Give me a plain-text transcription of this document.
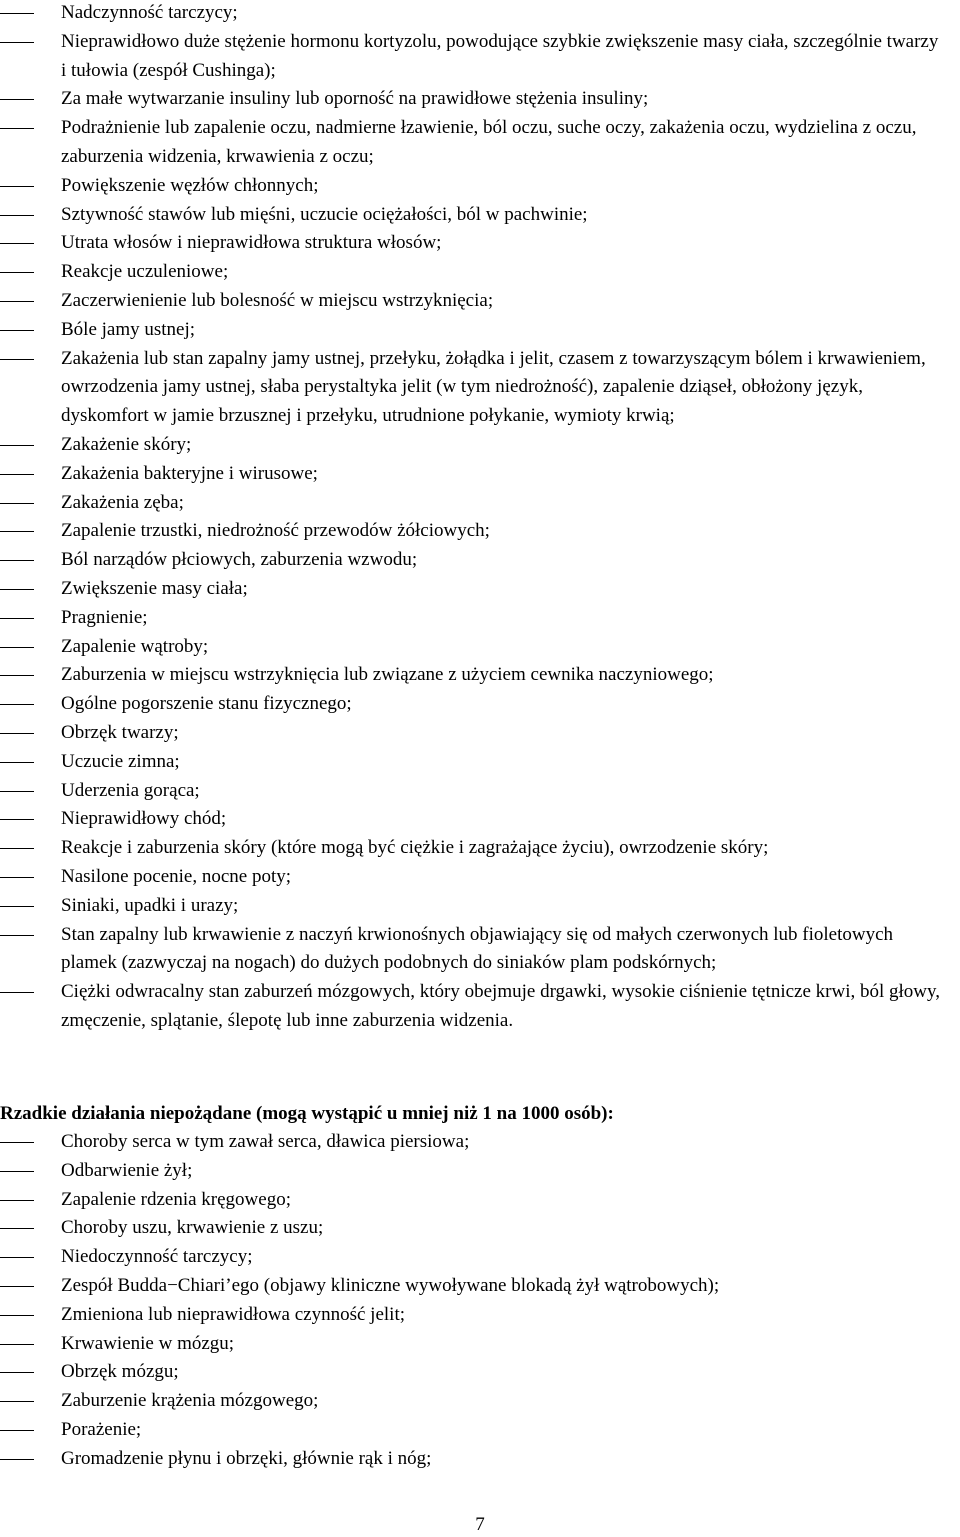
Nadczynność tarczycy;
Nieprawidłowo duże stężenie hormonu kortyzolu, powodujące szybkie zwiększenie masy ciała, szczególnie twarzy i tułowia (zespół Cushinga);
Za małe wytwarzanie insuliny lub oporność na prawidłowe stężenia insuliny;
Podrażnienie lub zapalenie oczu, nadmierne łzawienie, ból oczu, suche oczy, zakażenia oczu, wydzielina z oczu, zaburzenia widzenia, krwawienia z oczu;
Powiększenie węzłów chłonnych;
Sztywność stawów lub mięśni, uczucie ociężałości, ból w pachwinie;
Utrata włosów i nieprawidłowa struktura włosów;
Reakcje uczuleniowe;
Zaczerwienienie lub bolesność w miejscu wstrzyknięcia;
Bóle jamy ustnej;
Zakażenia lub stan zapalny jamy ustnej, przełyku, żołądka i jelit, czasem z towarzyszącym bólem i krwawieniem, owrzodzenia jamy ustnej, słaba perystaltyka jelit (w tym niedrożność), zapalenie dziąseł, obłożony język, dyskomfort w jamie brzusznej i przełyku, utrudnione połykanie, wymioty krwią;
Zakażenie skóry;
Zakażenia bakteryjne i wirusowe;
Zakażenia zęba;
Zapalenie trzustki, niedrożność przewodów żółciowych;
Ból narządów płciowych, zaburzenia wzwodu;
Zwiększenie masy ciała;
Pragnienie;
Zapalenie wątroby;
Zaburzenia w miejscu wstrzyknięcia lub związane z użyciem cewnika naczyniowego;
Ogólne pogorszenie stanu fizycznego;
Obrzęk twarzy;
Uczucie zimna;
Uderzenia gorąca;
Nieprawidłowy chód;
Reakcje i zaburzenia skóry (które mogą być ciężkie i zagrażające życiu), owrzodzenie skóry;
Nasilone pocenie, nocne poty;
Siniaki, upadki i urazy;
Stan zapalny lub krwawienie z naczyń krwionośnych objawiający się od małych czerwonych lub fioletowych plamek (zazwyczaj na nogach) do dużych podobnych do siniaków plam podskórnych;
Ciężki odwracalny stan zaburzeń mózgowych, który obejmuje drgawki, wysokie ciśnienie tętnicze krwi, ból głowy, zmęczenie, splątanie, ślepotę lub inne zaburzenia widzenia.

Rzadkie działania niepożądane (mogą wystąpić u mniej niż 1 na 1000 osób):

Choroby serca w tym zawał serca, dławica piersiowa;
Odbarwienie żył;
Zapalenie rdzenia kręgowego;
Choroby uszu, krwawienie z uszu;
Niedoczynność tarczycy;
Zespół Budda−Chiari’ego (objawy kliniczne wywoływane blokadą żył wątrobowych);
Zmieniona lub nieprawidłowa czynność jelit;
Krwawienie w mózgu;
Obrzęk mózgu;
Zaburzenie krążenia mózgowego;
Porażenie;
Gromadzenie płynu i obrzęki, głównie rąk i nóg;
7
